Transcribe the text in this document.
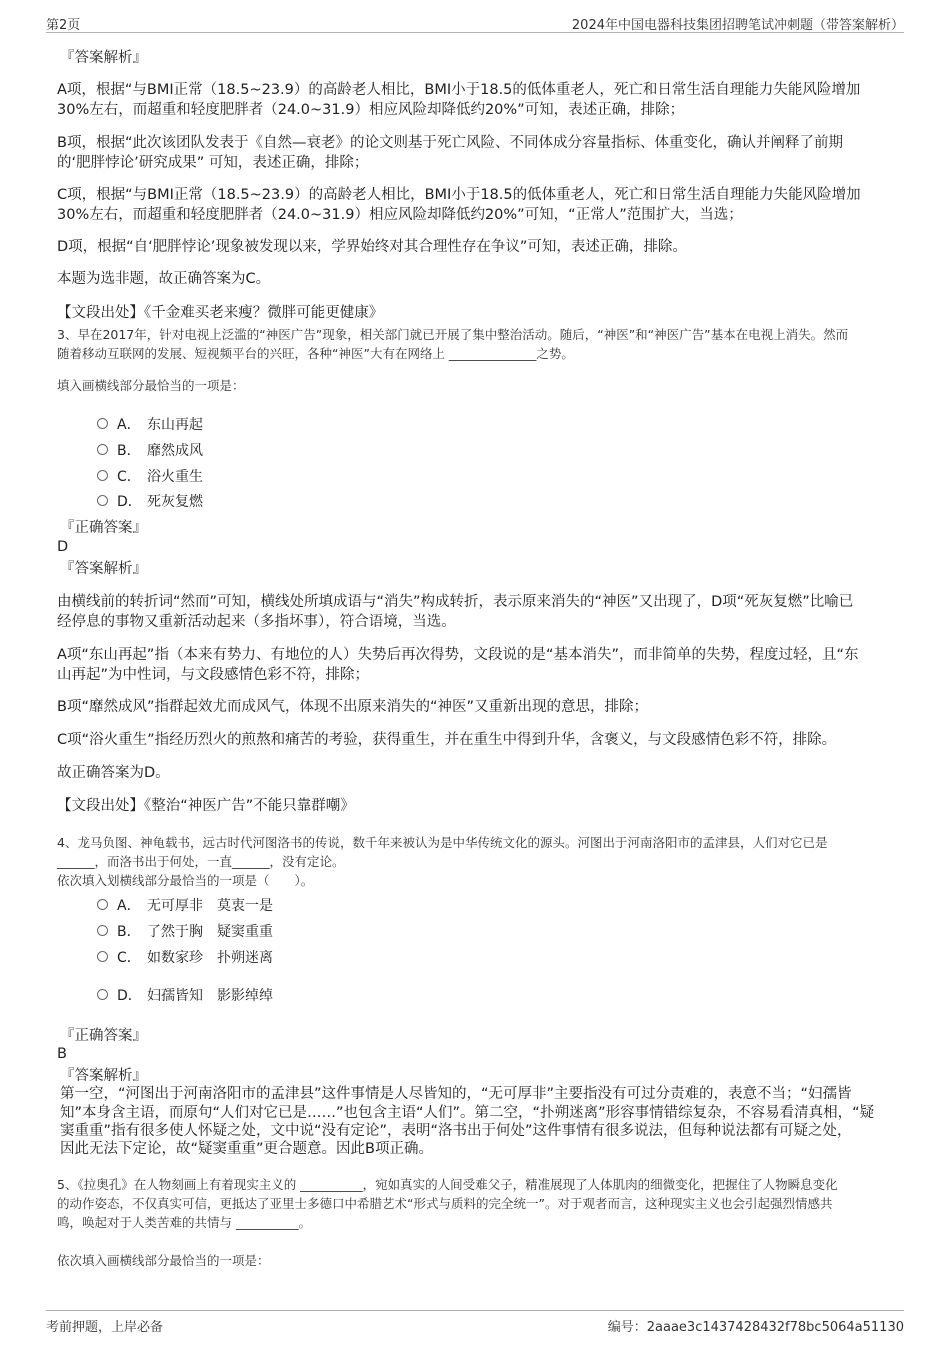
第2页	2024年中国电器科技集团招聘笔试冲刺题（带答案解析）

『答案解析』

A项，根据“与BMI正常（18.5~23.9）的高龄老人相比，BMI小于18.5的低体重老人，死亡和日常生活自理能力失能风险增加

30%左右，而超重和轻度肥胖者（24.0~31.9）相应风险却降低约20%”可知，表述正确，排除；

B项，根据“此次该团队发表于《自然—衰老》的论文则基于死亡风险、不同体成分容量指标、体重变化，确认并阐释了前期

的‘肥胖悖论’研究成果” 可知，表述正确，排除；

C项，根据“与BMI正常（18.5~23.9）的高龄老人相比，BMI小于18.5的低体重老人，死亡和日常生活自理能力失能风险增加

30%左右，而超重和轻度肥胖者（24.0~31.9）相应风险却降低约20%”可知，“正常人”范围扩大，当选；

D项，根据“自‘肥胖悖论’现象被发现以来，学界始终对其合理性存在争议”可知，表述正确，排除。

本题为选非题，故正确答案为C。

【文段出处】《千金难买老来瘦？微胖可能更健康》

3、早在2017年，针对电视上泛滥的“神医广告”现象，相关部门就已开展了集中整治活动。随后，“神医”和“神医广告”基本在电视上消失。然而

随着移动互联网的发展、短视频平台的兴旺，各种“神医”大有在网络上 ______________之势。

填入画横线部分最恰当的一项是：

A． 东山再起
B． 靡然成风
C． 浴火重生
D． 死灰复燃

『正确答案』

D

『答案解析』

由横线前的转折词“然而”可知，横线处所填成语与“消失”构成转折，表示原来消失的“神医”又出现了，D项“死灰复燃”比喻已

经停息的事物又重新活动起来（多指坏事），符合语境，当选。

A项“东山再起”指（本来有势力、有地位的人）失势后再次得势，文段说的是“基本消失”，而非简单的失势，程度过轻，且“东

山再起”为中性词，与文段感情色彩不符，排除；

B项“靡然成风”指群起效尤而成风气，体现不出原来消失的“神医”又重新出现的意思，排除；

C项“浴火重生”指经历烈火的煎熬和痛苦的考验，获得重生，并在重生中得到升华，含褒义，与文段感情色彩不符，排除。

故正确答案为D。

【文段出处】《整治“神医广告”不能只靠群嘲》

4、龙马负图、神龟载书，远古时代河图洛书的传说，数千年来被认为是中华传统文化的源头。河图出于河南洛阳市的孟津县，人们对它已是

______，而洛书出于何处，一直______，没有定论。

依次填入划横线部分最恰当的一项是（　　）。

A． 无可厚非　莫衷一是
B． 了然于胸　疑窦重重
C． 如数家珍　扑朔迷离
D． 妇孺皆知　影影绰绰

『正确答案』

B

『答案解析』

第一空，“河图出于河南洛阳市的孟津县”这件事情是人尽皆知的，“无可厚非”主要指没有可过分责难的，表意不当；“妇孺皆

知”本身含主语，而原句“人们对它已是……”也包含主语“人们”。第二空，“扑朔迷离”形容事情错综复杂，不容易看清真相，“疑

窦重重”指有很多使人怀疑之处，文中说“没有定论”，表明“洛书出于何处”这件事情有很多说法，但每种说法都有可疑之处，

因此无法下定论，故“疑窦重重”更合题意。因此B项正确。

5、《拉奥孔》在人物刻画上有着现实主义的 __________，宛如真实的人间受难父子，精准展现了人体肌肉的细微变化，把握住了人物瞬息变化

的动作姿态，不仅真实可信，更抵达了亚里士多德口中希腊艺术“形式与质料的完全统一”。对于观者而言，这种现实主义也会引起强烈情感共

鸣，唤起对于人类苦难的共情与 __________。

依次填入画横线部分最恰当的一项是：

考前押题，上岸必备	编号：2aaae3c1437428432f78bc5064a51130
